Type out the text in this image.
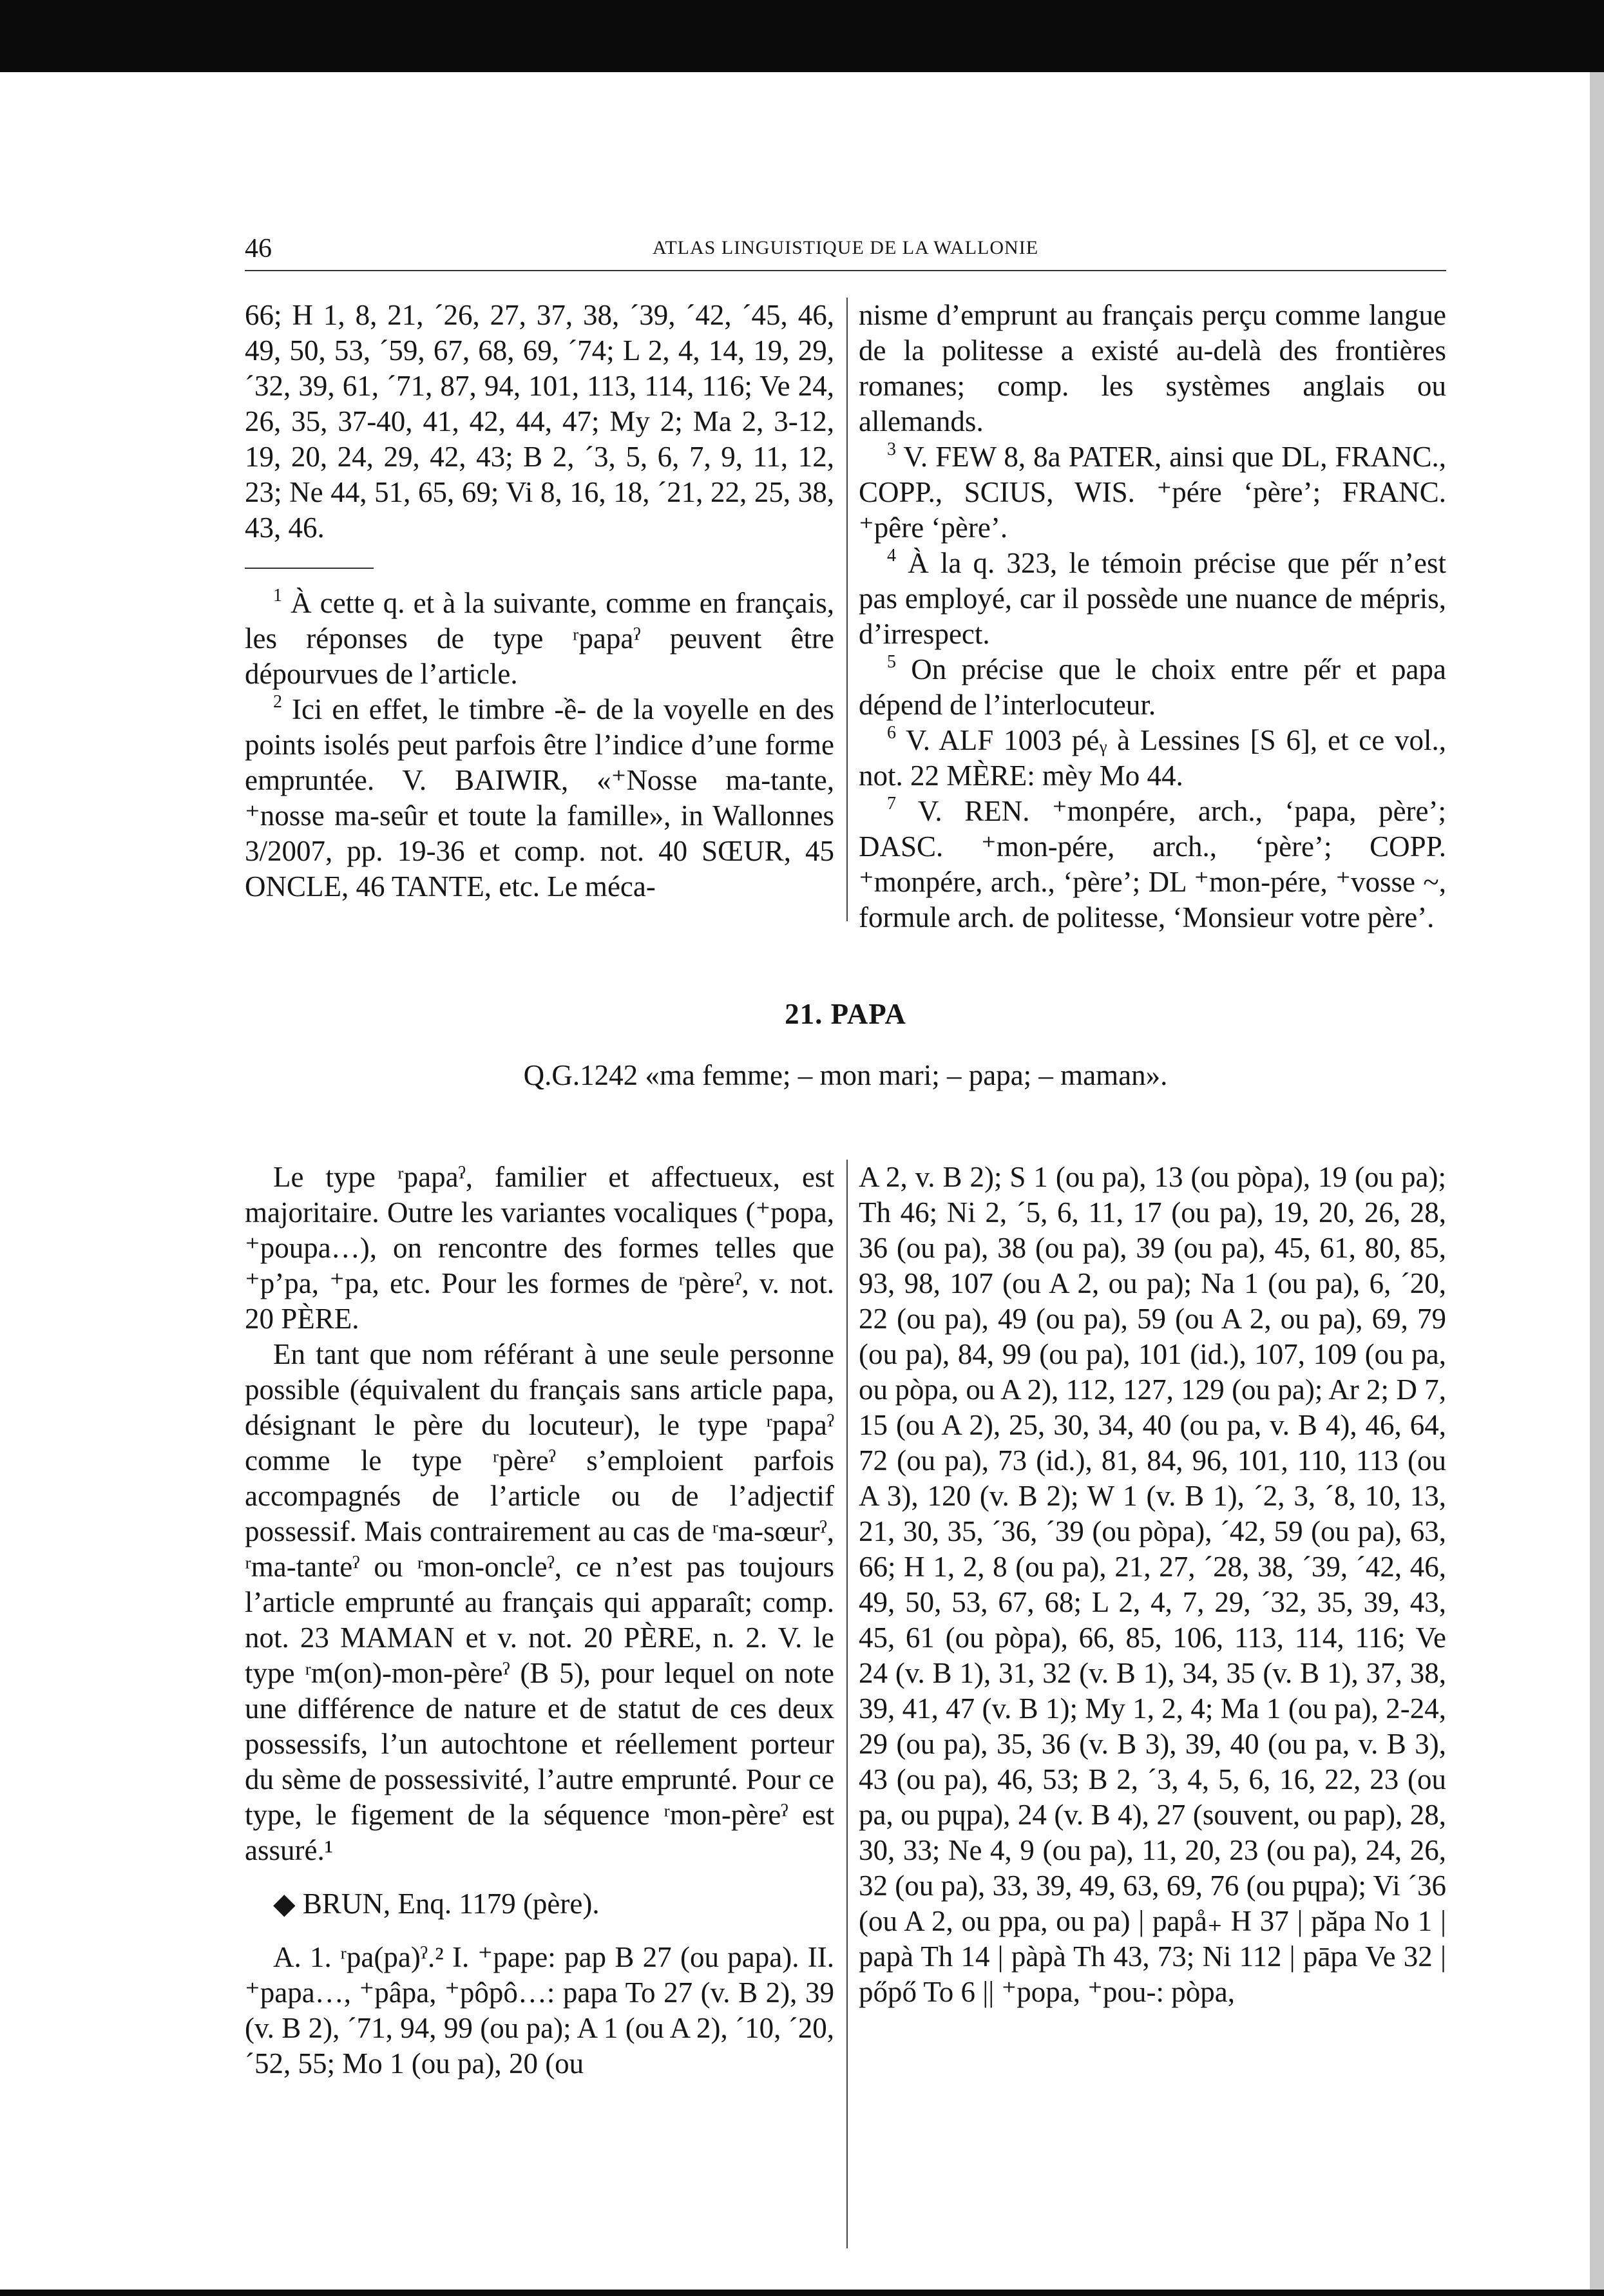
46	ATLAS LINGUISTIQUE DE LA WALLONIE

66; H 1, 8, 21, ´26, 27, 37, 38, ´39, ´42, ´45, 46, 49, 50, 53, ´59, 67, 68, 69, ´74; L 2, 4, 14, 19, 29, ´32, 39, 61, ´71, 87, 94, 101, 113, 114, 116; Ve 24, 26, 35, 37-40, 41, 42, 44, 47; My 2; Ma 2, 3-12, 19, 20, 24, 29, 42, 43; B 2, ´3, 5, 6, 7, 9, 11, 12, 23; Ne 44, 51, 65, 69; Vi 8, 16, 18, ´21, 22, 25, 38, 43, 46.

$^1$ À cette q. et à la suivante, comme en français, les réponses de type ʳpapaˀ peuvent être dépourvues de l’article.

$^2$ Ici en effet, le timbre -ề- de la voyelle en des points isolés peut parfois être l’indice d’une forme empruntée. V. BAIWIR, «⁺Nosse ma-tante, ⁺nosse ma-seûr et toute la famille», in Wallonnes 3/2007, pp. 19-36 et comp. not. 40 SŒUR, 45 ONCLE, 46 TANTE, etc. Le méca-

nisme d’emprunt au français perçu comme langue de la politesse a existé au-delà des frontières romanes; comp. les systèmes anglais ou allemands.

$^3$ V. FEW 8, 8a PATER, ainsi que DL, FRANC., COPP., SCIUS, WIS. ⁺pére ‘père’; FRANC. ⁺pêre ‘père’.

$^4$ À la q. 323, le témoin précise que pe̋r n’est pas employé, car il possède une nuance de mépris, d’irrespect.

$^5$ On précise que le choix entre pe̋r et papa dépend de l’interlocuteur.

$^6$ V. ALF 1003 péᵧ à Lessines [S 6], et ce vol., not. 22 MÈRE: mèy Mo 44.

$^7$ V. REN. ⁺monpére, arch., ‘papa, père’; DASC. ⁺mon-pére, arch., ‘père’; COPP. ⁺monpére, arch., ‘père’; DL ⁺mon-pére, ⁺vosse ~, formule arch. de politesse, ‘Monsieur votre père’.

21. PAPA
Q.G.1242 «ma femme; – mon mari; – papa; – maman».

Le type ʳpapaˀ, familier et affectueux, est majoritaire. Outre les variantes vocaliques (⁺popa, ⁺poupa…), on rencontre des formes telles que ⁺p’pa, ⁺pa, etc. Pour les formes de ʳpèreˀ, v. not. 20 PÈRE.

En tant que nom référant à une seule personne possible (équivalent du français sans article papa, désignant le père du locuteur), le type ʳpapaˀ comme le type ʳpèreˀ s’emploient parfois accompagnés de l’article ou de l’adjectif possessif. Mais contrairement au cas de ʳma-sœurˀ, ʳma-tanteˀ ou ʳmon-oncleˀ, ce n’est pas toujours l’article emprunté au français qui apparaît; comp. not. 23 MAMAN et v. not. 20 PÈRE, n. 2. V. le type ʳm(on)-mon-pèreˀ (B 5), pour lequel on note une différence de nature et de statut de ces deux possessifs, l’un autochtone et réellement porteur du sème de possessivité, l’autre emprunté. Pour ce type, le figement de la séquence ʳmon-pèreˀ est assuré.¹

◆ BRUN, Enq. 1179 (père).

A. 1. ʳpa(pa)ˀ.² I. ⁺pape: pap B 27 (ou papa). II. ⁺papa…, ⁺pâpa, ⁺pôpô…: papa To 27 (v. B 2), 39 (v. B 2), ´71, 94, 99 (ou pa); A 1 (ou A 2), ´10, ´20, ´52, 55; Mo 1 (ou pa), 20 (ou

A 2, v. B 2); S 1 (ou pa), 13 (ou pòpa), 19 (ou pa); Th 46; Ni 2, ´5, 6, 11, 17 (ou pa), 19, 20, 26, 28, 36 (ou pa), 38 (ou pa), 39 (ou pa), 45, 61, 80, 85, 93, 98, 107 (ou A 2, ou pa); Na 1 (ou pa), 6, ´20, 22 (ou pa), 49 (ou pa), 59 (ou A 2, ou pa), 69, 79 (ou pa), 84, 99 (ou pa), 101 (id.), 107, 109 (ou pa, ou pòpa, ou A 2), 112, 127, 129 (ou pa); Ar 2; D 7, 15 (ou A 2), 25, 30, 34, 40 (ou pa, v. B 4), 46, 64, 72 (ou pa), 73 (id.), 81, 84, 96, 101, 110, 113 (ou A 3), 120 (v. B 2); W 1 (v. B 1), ´2, 3, ´8, 10, 13, 21, 30, 35, ´36, ´39 (ou pòpa), ´42, 59 (ou pa), 63, 66; H 1, 2, 8 (ou pa), 21, 27, ´28, 38, ´39, ´42, 46, 49, 50, 53, 67, 68; L 2, 4, 7, 29, ´32, 35, 39, 43, 45, 61 (ou pòpa), 66, 85, 106, 113, 114, 116; Ve 24 (v. B 1), 31, 32 (v. B 1), 34, 35 (v. B 1), 37, 38, 39, 41, 47 (v. B 1); My 1, 2, 4; Ma 1 (ou pa), 2-24, 29 (ou pa), 35, 36 (v. B 3), 39, 40 (ou pa, v. B 3), 43 (ou pa), 46, 53; B 2, ´3, 4, 5, 6, 16, 22, 23 (ou pa, ou pɥpa), 24 (v. B 4), 27 (souvent, ou pap), 28, 30, 33; Ne 4, 9 (ou pa), 11, 20, 23 (ou pa), 24, 26, 32 (ou pa), 33, 39, 49, 63, 69, 76 (ou pɥpa); Vi ´36 (ou A 2, ou ppa, ou pa) | papå₊ H 37 | păpa No 1 | papà Th 14 | pàpà Th 43, 73; Ni 112 | pāpa Ve 32 | pőpő To 6 || ⁺popa, ⁺pou-: pòpa,
